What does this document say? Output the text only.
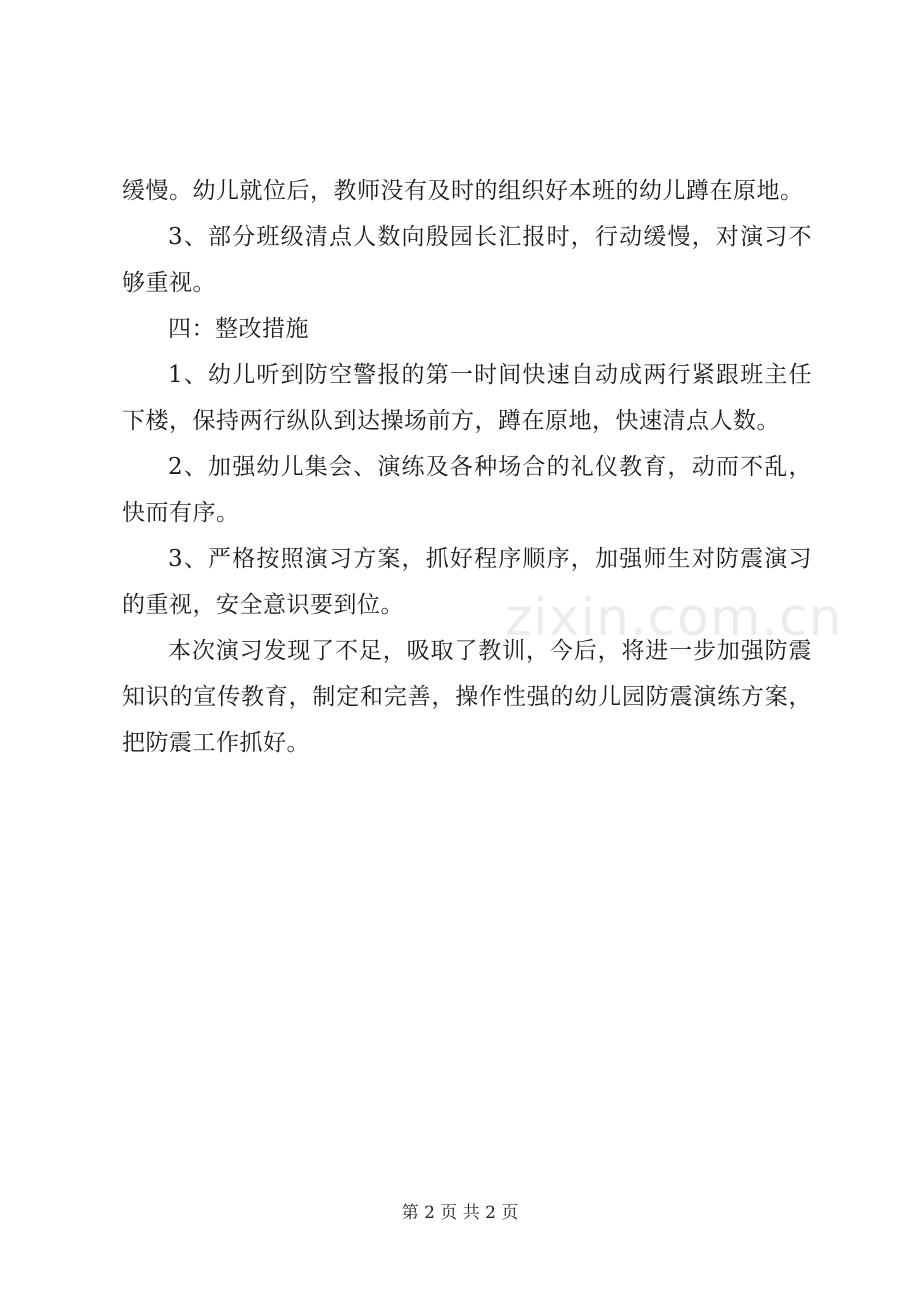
缓慢。幼儿就位后，教师没有及时的组织好本班的幼儿蹲在原地。

3、部分班级清点人数向殷园长汇报时，行动缓慢，对演习不够重视。

四：整改措施

1、幼儿听到防空警报的第一时间快速自动成两行紧跟班主任下楼，保持两行纵队到达操场前方，蹲在原地，快速清点人数。

2、加强幼儿集会、演练及各种场合的礼仪教育，动而不乱，快而有序。

3、严格按照演习方案，抓好程序顺序，加强师生对防震演习的重视，安全意识要到位。

本次演习发现了不足，吸取了教训，今后，将进一步加强防震知识的宣传教育，制定和完善，操作性强的幼儿园防震演练方案，把防震工作抓好。

zixin.com.cn
第 2 页 共 2 页
